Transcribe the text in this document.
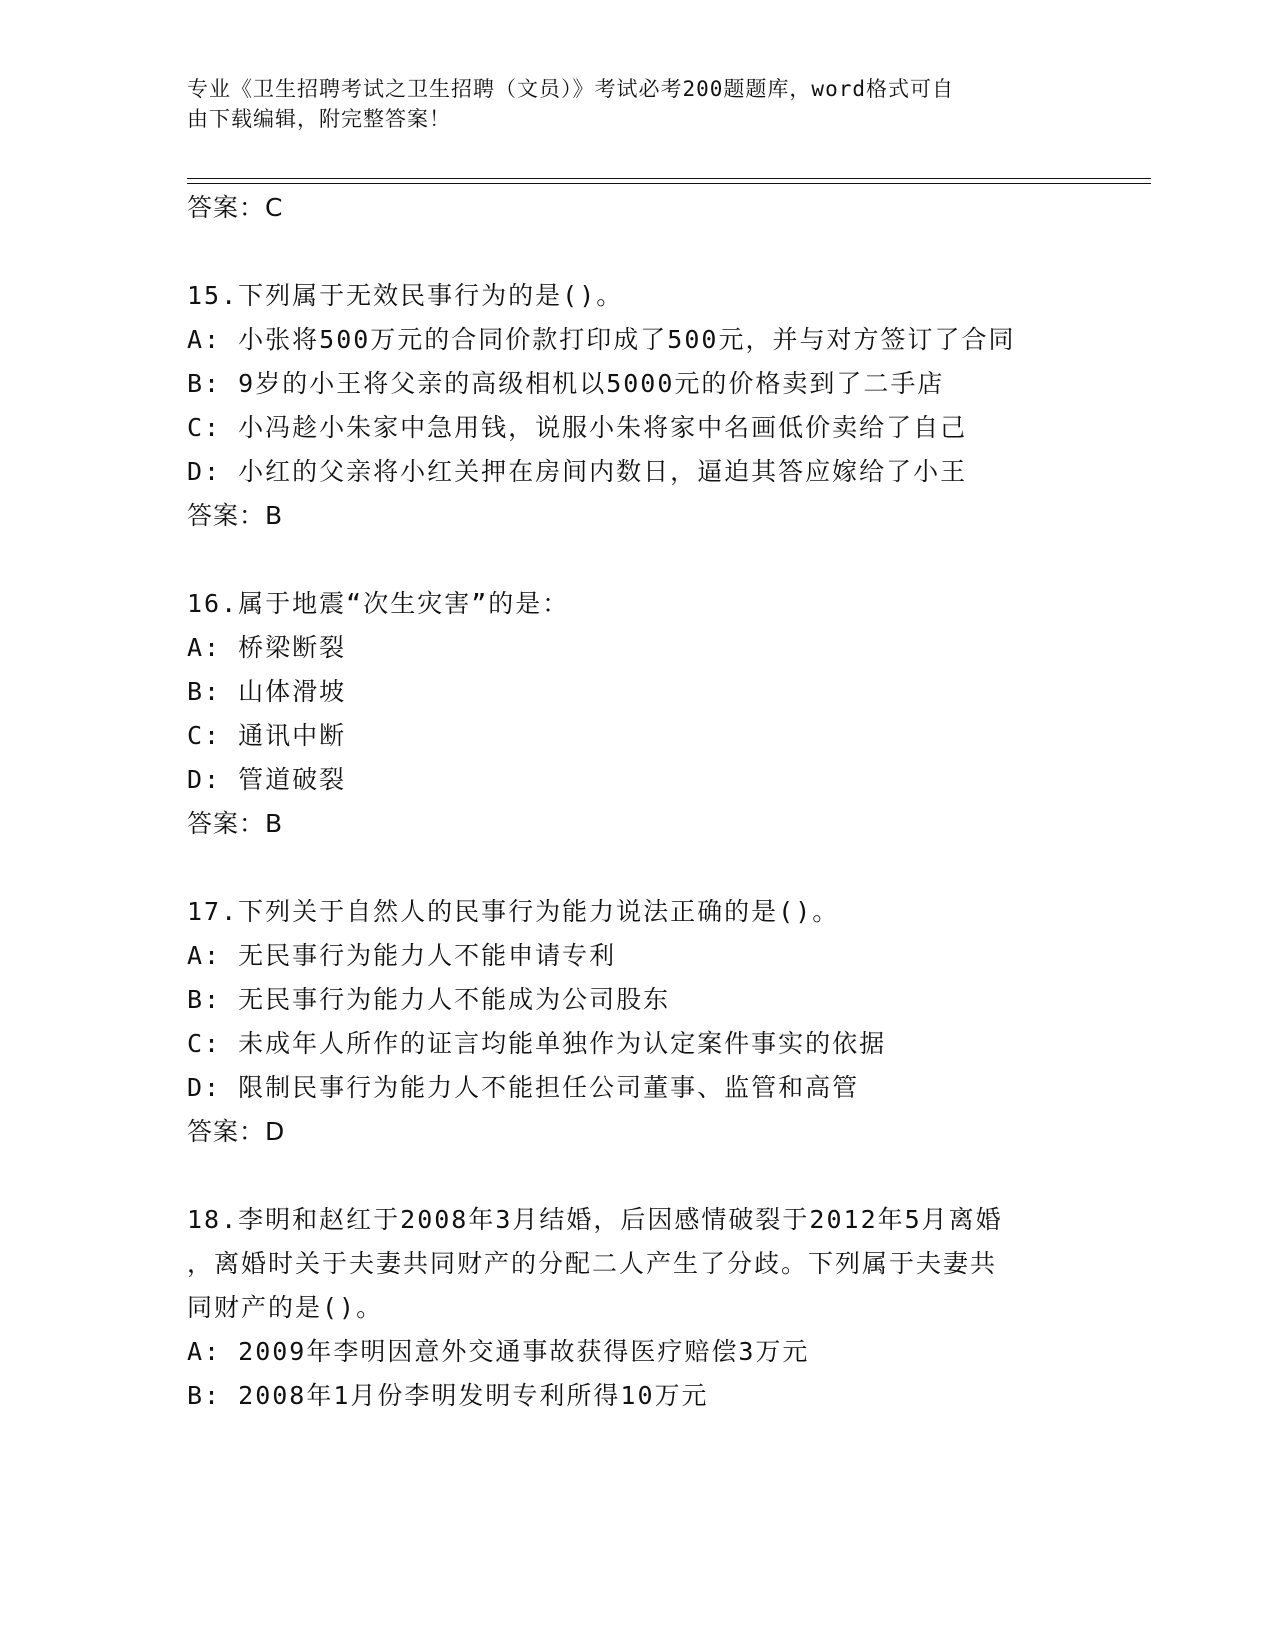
专业《卫生招聘考试之卫生招聘（文员）》考试必考200题题库，word格式可自
由下载编辑，附完整答案！
答案：C
15.下列属于无效民事行为的是()。
A: 小张将500万元的合同价款打印成了500元，并与对方签订了合同
B: 9岁的小王将父亲的高级相机以5000元的价格卖到了二手店
C: 小冯趁小朱家中急用钱，说服小朱将家中名画低价卖给了自己
D: 小红的父亲将小红关押在房间内数日，逼迫其答应嫁给了小王
答案：B
16.属于地震“次生灾害”的是：
A: 桥梁断裂
B: 山体滑坡
C: 通讯中断
D: 管道破裂
答案：B
17.下列关于自然人的民事行为能力说法正确的是()。
A: 无民事行为能力人不能申请专利
B: 无民事行为能力人不能成为公司股东
C: 未成年人所作的证言均能单独作为认定案件事实的依据
D: 限制民事行为能力人不能担任公司董事、监管和高管
答案：D
18.李明和赵红于2008年3月结婚，后因感情破裂于2012年5月离婚
，离婚时关于夫妻共同财产的分配二人产生了分歧。下列属于夫妻共
同财产的是()。
A: 2009年李明因意外交通事故获得医疗赔偿3万元
B: 2008年1月份李明发明专利所得10万元
